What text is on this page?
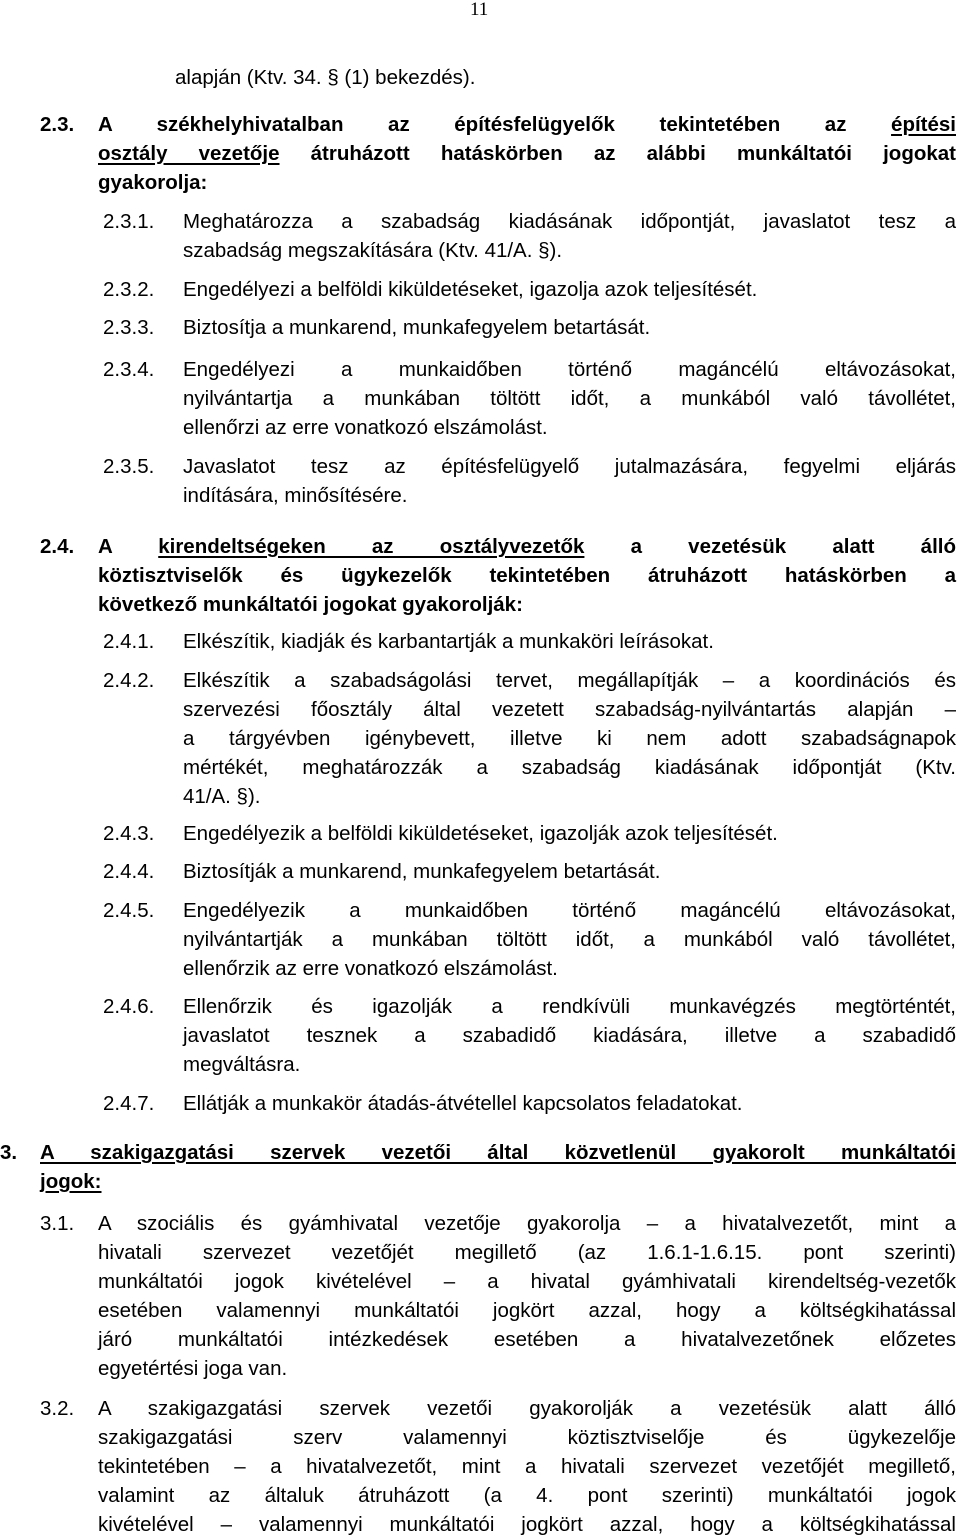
11
alapján (Ktv. 34. § (1) bekezdés).
2.3. A székhelyhivatalban az építésfelügyelők tekintetében az építési
osztály vezetője átruházott hatáskörben az alábbi munkáltatói jogokat
gyakorolja:
2.3.1. Meghatározza a szabadság kiadásának időpontját, javaslatot tesz a
szabadság megszakítására (Ktv. 41/A. §).
2.3.2. Engedélyezi a belföldi kiküldetéseket, igazolja azok teljesítését.
2.3.3. Biztosítja a munkarend, munkafegyelem betartását.
2.3.4. Engedélyezi a munkaidőben történő magáncélú eltávozásokat,
nyilvántartja a munkában töltött időt, a munkából való távollétet,
ellenőrzi az erre vonatkozó elszámolást.
2.3.5. Javaslatot tesz az építésfelügyelő jutalmazására, fegyelmi eljárás
indítására, minősítésére.
2.4. A kirendeltségeken az osztályvezetők a vezetésük alatt álló
köztisztviselők és ügykezelők tekintetében átruházott hatáskörben a
következő munkáltatói jogokat gyakorolják:
2.4.1. Elkészítik, kiadják és karbantartják a munkaköri leírásokat.
2.4.2. Elkészítik a szabadságolási tervet, megállapítják – a koordinációs és
szervezési főosztály által vezetett szabadság-nyilvántartás alapján –
a tárgyévben igénybevett, illetve ki nem adott szabadságnapok
mértékét, meghatározzák a szabadság kiadásának időpontját (Ktv.
41/A. §).
2.4.3. Engedélyezik a belföldi kiküldetéseket, igazolják azok teljesítését.
2.4.4. Biztosítják a munkarend, munkafegyelem betartását.
2.4.5. Engedélyezik a munkaidőben történő magáncélú eltávozásokat,
nyilvántartják a munkában töltött időt, a munkából való távollétet,
ellenőrzik az erre vonatkozó elszámolást.
2.4.6. Ellenőrzik és igazolják a rendkívüli munkavégzés megtörténtét,
javaslatot tesznek a szabadidő kiadására, illetve a szabadidő
megváltásra.
2.4.7. Ellátják a munkakör átadás-átvétellel kapcsolatos feladatokat.
3. A szakigazgatási szervek vezetői által közvetlenül gyakorolt munkáltatói
jogok:
3.1. A szociális és gyámhivatal vezetője gyakorolja – a hivatalvezetőt, mint a
hivatali szervezet vezetőjét megillető (az 1.6.1-1.6.15. pont szerinti)
munkáltatói jogok kivételével – a hivatal gyámhivatali kirendeltség-vezetők
esetében valamennyi munkáltatói jogkört azzal, hogy a költségkihatással
járó munkáltatói intézkedések esetében a hivatalvezetőnek előzetes
egyetértési joga van.
3.2. A szakigazgatási szervek vezetői gyakorolják a vezetésük alatt álló
szakigazgatási szerv valamennyi köztisztviselője és ügykezelője
tekintetében – a hivatalvezetőt, mint a hivatali szervezet vezetőjét megillető,
valamint az általuk átruházott (a 4. pont szerinti) munkáltatói jogok
kivételével – valamennyi munkáltatói jogkört azzal, hogy a költségkihatással
